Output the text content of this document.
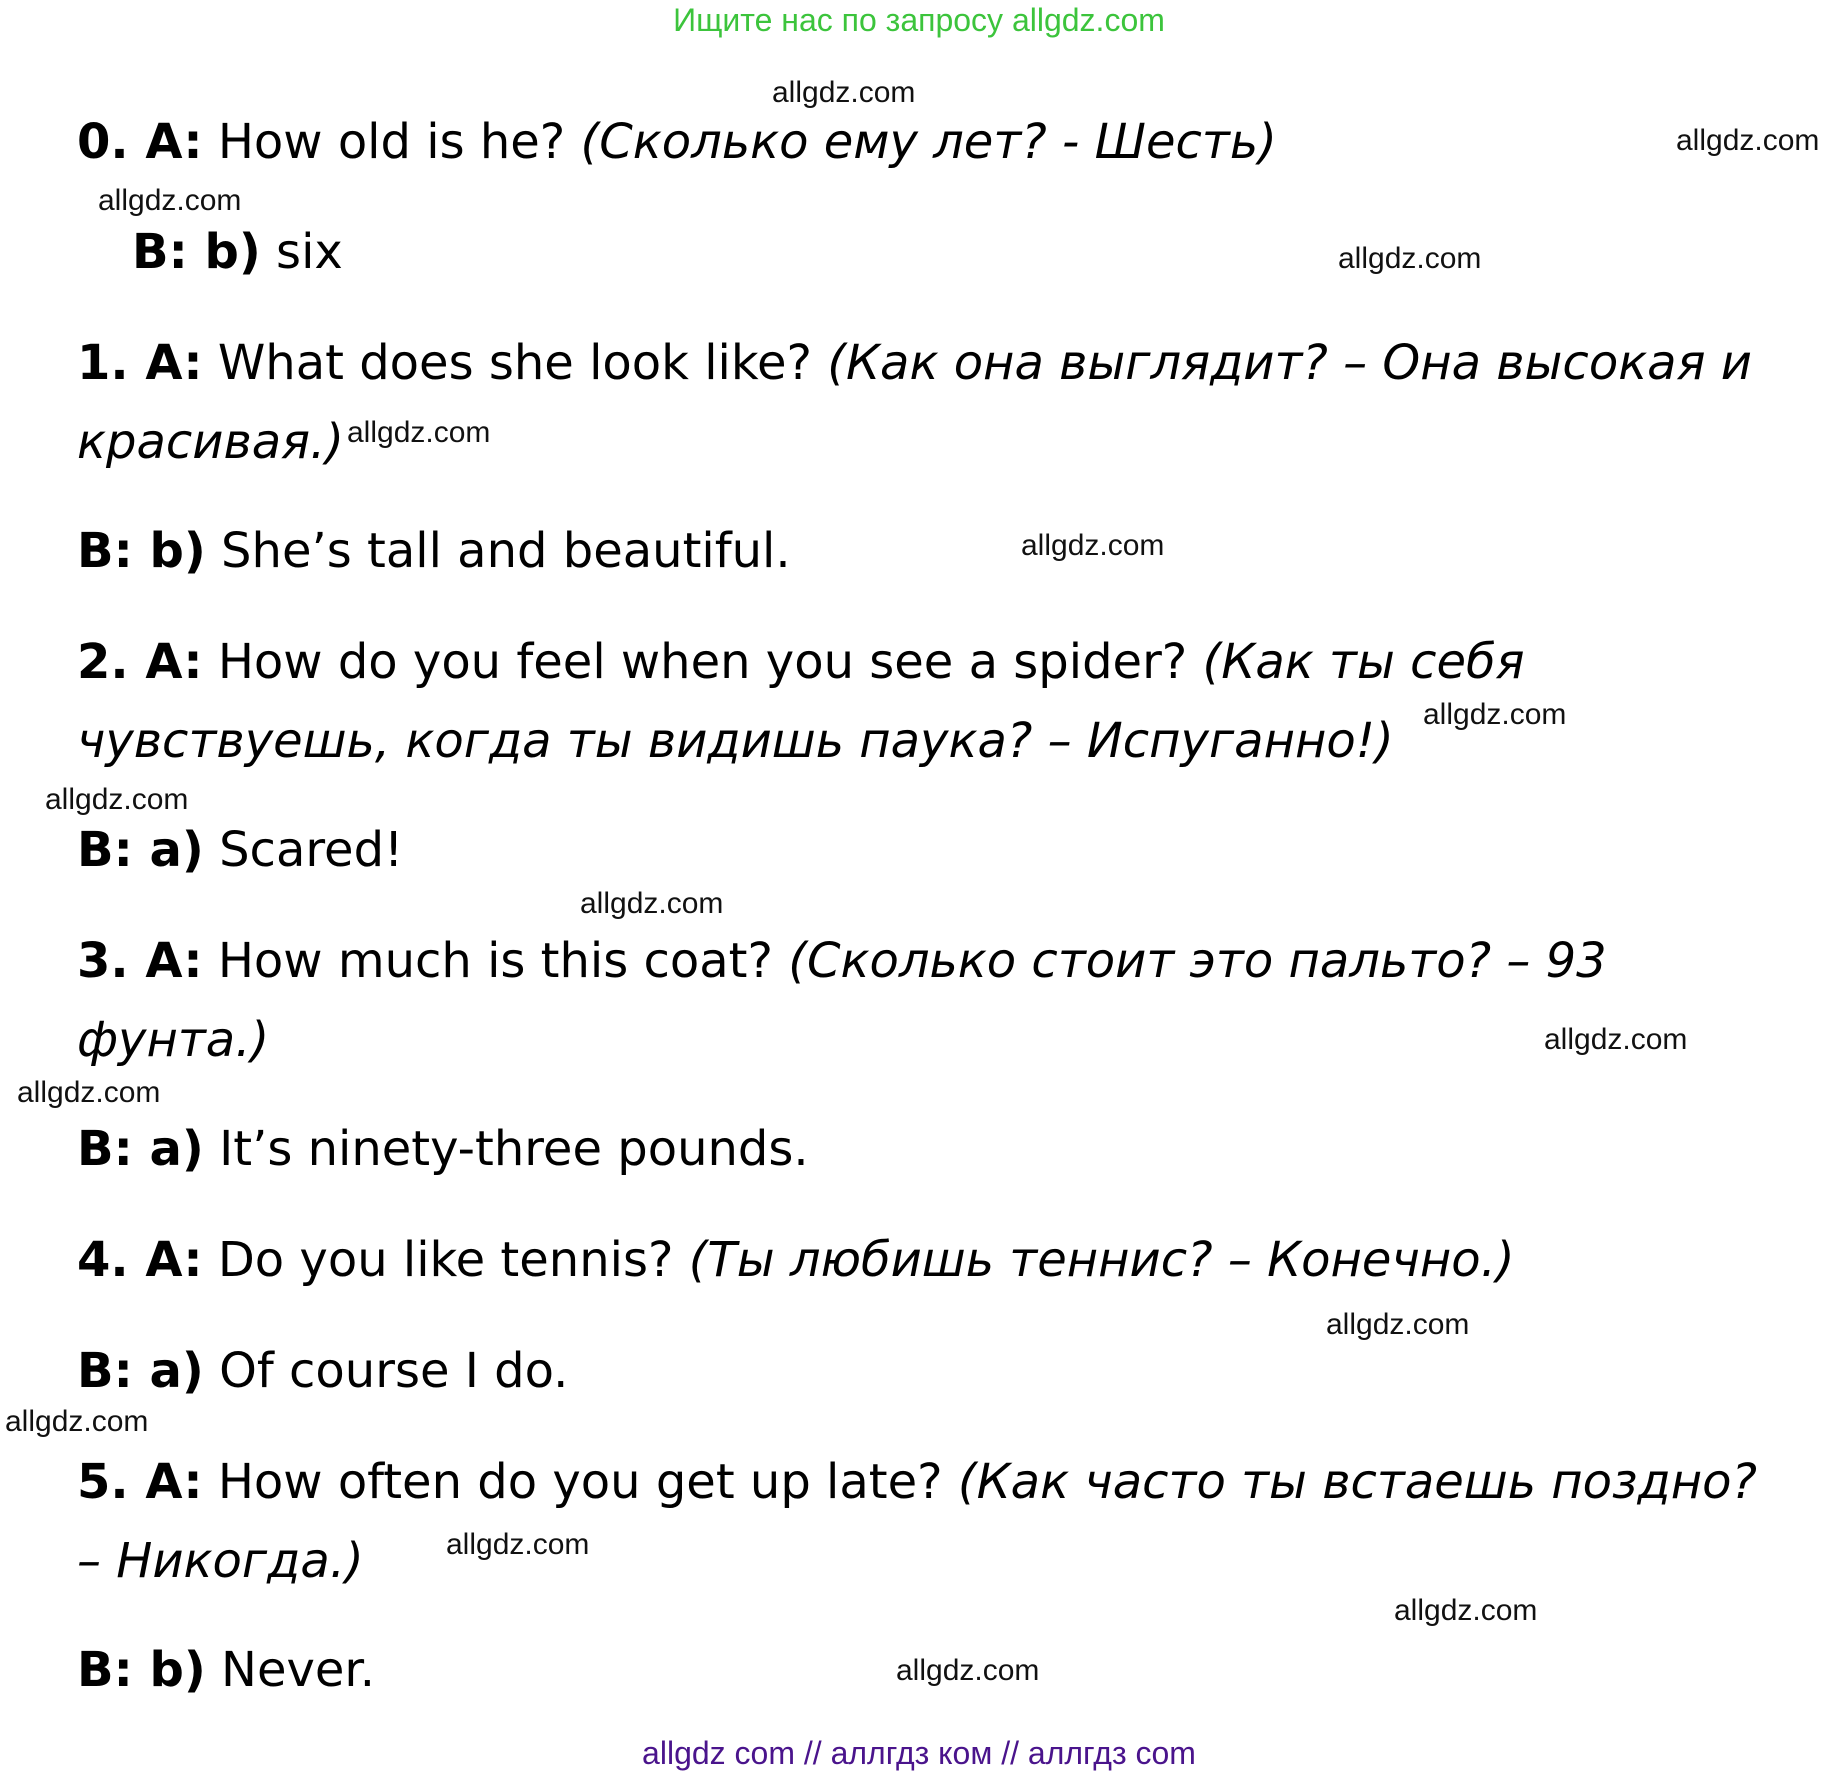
Ищите нас по запросу allgdz.com
0. A: How old is he? (Сколько ему лет? - Шесть)
B: b) six
1. A: What does she look like? (Как она выглядит? – Она высокая и
красивая.)
B: b) She’s tall and beautiful.
2. A: How do you feel when you see a spider? (Как ты себя
чувствуешь, когда ты видишь паука? – Испуганно!)
B: a) Scared!
3. A: How much is this coat? (Сколько стоит это пальто? – 93
фунта.)
B: a) It’s ninety-three pounds.
4. A: Do you like tennis? (Ты любишь теннис? – Конечно.)
B: a) Of course I do.
5. A: How often do you get up late? (Как часто ты встаешь поздно?
– Никогда.)
B: b) Never.
allgdz.com
allgdz.com
allgdz.com
allgdz.com
allgdz.com
allgdz.com
allgdz.com
allgdz.com
allgdz.com
allgdz.com
allgdz.com
allgdz.com
allgdz.com
allgdz.com
allgdz.com
allgdz.com
allgdz com // аллгдз ком // аллгдз com
